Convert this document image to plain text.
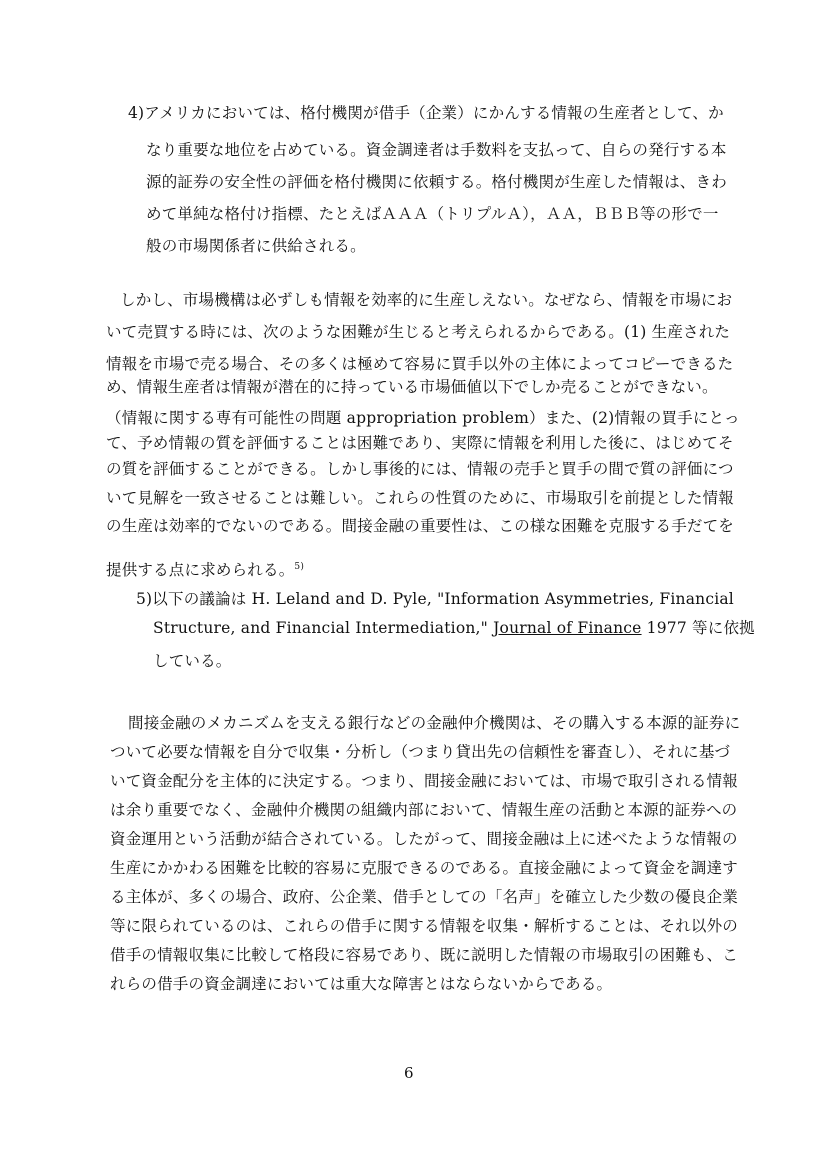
4)アメリカにおいては、格付機関が借手（企業）にかんする情報の生産者として、か
なり重要な地位を占めている。資金調達者は手数料を支払って、自らの発行する本
源的証券の安全性の評価を格付機関に依頼する。格付機関が生産した情報は、きわ
めて単純な格付け指標、たとえばＡＡＡ（トリプルＡ），ＡＡ，ＢＢＢ等の形で一
般の市場関係者に供給される。
しかし、市場機構は必ずしも情報を効率的に生産しえない。なぜなら、情報を市場にお
いて売買する時には、次のような困難が生じると考えられるからである。(1) 生産された
情報を市場で売る場合、その多くは極めて容易に買手以外の主体によってコピーできるた
め、情報生産者は情報が潜在的に持っている市場価値以下でしか売ることができない。
（情報に関する専有可能性の問題 appropriation problem）また、(2)情報の買手にとっ
て、予め情報の質を評価することは困難であり、実際に情報を利用した後に、はじめてそ
の質を評価することができる。しかし事後的には、情報の売手と買手の間で質の評価につ
いて見解を一致させることは難しい。これらの性質のために、市場取引を前提とした情報
の生産は効率的でないのである。間接金融の重要性は、この様な困難を克服する手だてを
提供する点に求められる。$^{5)}$
5)以下の議論は H. Leland and D. Pyle, "Information Asymmetries, Financial
Structure, and Financial Intermediation," Journal of Finance 1977 等に依拠
している。
間接金融のメカニズムを支える銀行などの金融仲介機関は、その購入する本源的証券に
ついて必要な情報を自分で収集・分析し（つまり貸出先の信頼性を審査し）、それに基づ
いて資金配分を主体的に決定する。つまり、間接金融においては、市場で取引される情報
は余り重要でなく、金融仲介機関の組織内部において、情報生産の活動と本源的証券への
資金運用という活動が結合されている。したがって、間接金融は上に述べたような情報の
生産にかかわる困難を比較的容易に克服できるのである。直接金融によって資金を調達す
る主体が、多くの場合、政府、公企業、借手としての「名声」を確立した少数の優良企業
等に限られているのは、これらの借手に関する情報を収集・解析することは、それ以外の
借手の情報収集に比較して格段に容易であり、既に説明した情報の市場取引の困難も、こ
れらの借手の資金調達においては重大な障害とはならないからである。
6
